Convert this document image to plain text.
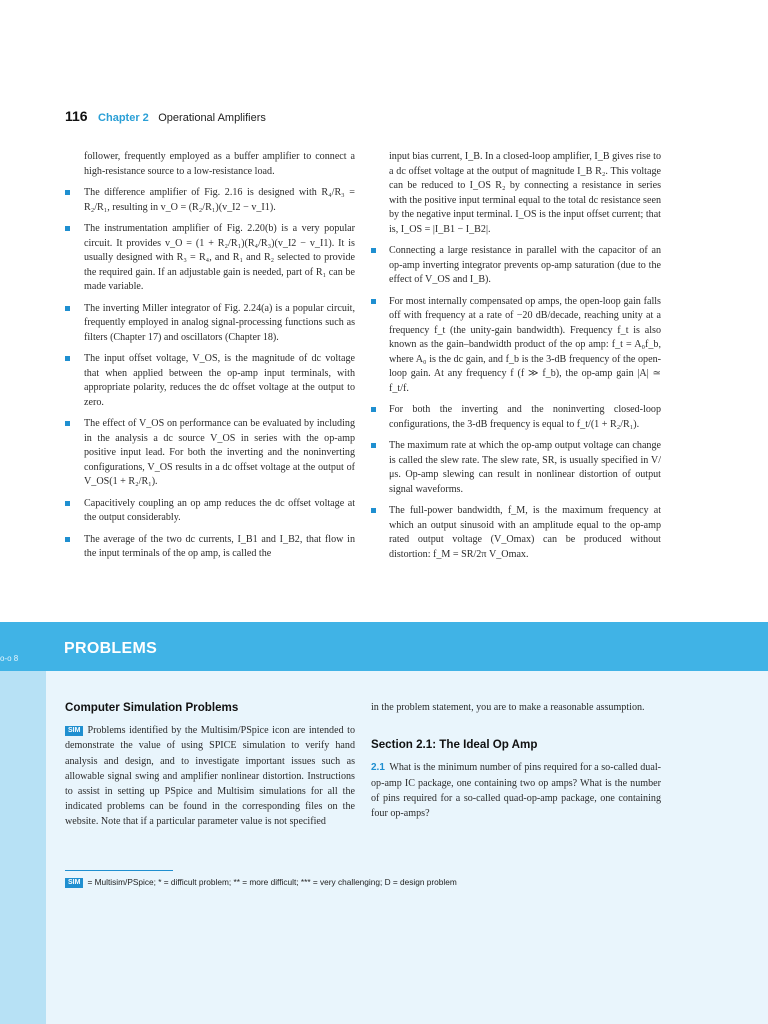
116 Chapter 2 Operational Amplifiers

follower, frequently employed as a buffer amplifier to connect a high-resistance source to a low-resistance load.

The difference amplifier of Fig. 2.16 is designed with R₄/R₃ = R₂/R₁, resulting in v_O = (R₂/R₁)(v_I2 − v_I1).
The instrumentation amplifier of Fig. 2.20(b) is a very popular circuit. It provides v_O = (1 + R₂/R₁)(R₄/R₃)(v_I2 − v_I1). It is usually designed with R₃ = R₄, and R₁ and R₂ selected to provide the required gain. If an adjustable gain is needed, part of R₁ can be made variable.
The inverting Miller integrator of Fig. 2.24(a) is a popular circuit, frequently employed in analog signal-processing functions such as filters (Chapter 17) and oscillators (Chapter 18).
The input offset voltage, V_OS, is the magnitude of dc voltage that when applied between the op-amp input terminals, with appropriate polarity, reduces the dc offset voltage at the output to zero.
The effect of V_OS on performance can be evaluated by including in the analysis a dc source V_OS in series with the op-amp positive input lead. For both the inverting and the noninverting configurations, V_OS results in a dc offset voltage at the output of V_OS(1 + R₂/R₁).
Capacitively coupling an op amp reduces the dc offset voltage at the output considerably.
The average of the two dc currents, I_B1 and I_B2, that flow in the input terminals of the op amp, is called the

input bias current, I_B. In a closed-loop amplifier, I_B gives rise to a dc offset voltage at the output of magnitude I_B R₂. This voltage can be reduced to I_OS R₂ by connecting a resistance in series with the positive input terminal equal to the total dc resistance seen by the negative input terminal. I_OS is the input offset current; that is, I_OS = |I_B1 − I_B2|.

Connecting a large resistance in parallel with the capacitor of an op-amp inverting integrator prevents op-amp saturation (due to the effect of V_OS and I_B).
For most internally compensated op amps, the open-loop gain falls off with frequency at a rate of −20 dB/decade, reaching unity at a frequency f_t (the unity-gain bandwidth). Frequency f_t is also known as the gain–bandwidth product of the op amp: f_t = A₀f_b, where A₀ is the dc gain, and f_b is the 3-dB frequency of the open-loop gain. At any frequency f (f ≫ f_b), the op-amp gain |A| ≃ f_t/f.
For both the inverting and the noninverting closed-loop configurations, the 3-dB frequency is equal to f_t/(1 + R₂/R₁).
The maximum rate at which the op-amp output voltage can change is called the slew rate. The slew rate, SR, is usually specified in V/μs. Op-amp slewing can result in nonlinear distortion of output signal waveforms.
The full-power bandwidth, f_M, is the maximum frequency at which an output sinusoid with an amplitude equal to the op-amp rated output voltage (V_Omax) can be produced without distortion: f_M = SR/2π V_Omax.
o-o 8
PROBLEMS
Computer Simulation Problems
SIM Problems identified by the Multisim/PSpice icon are intended to demonstrate the value of using SPICE simulation to verify hand analysis and design, and to investigate important issues such as allowable signal swing and amplifier nonlinear distortion. Instructions to assist in setting up PSpice and Multisim simulations for all the indicated problems can be found in the corresponding files on the website. Note that if a particular parameter value is not specified
in the problem statement, you are to make a reasonable assumption.
Section 2.1: The Ideal Op Amp
2.1 What is the minimum number of pins required for a so-called dual-op-amp IC package, one containing two op amps? What is the number of pins required for a so-called quad-op-amp package, one containing four op-amps?
SIM = Multisim/PSpice; * = difficult problem; ** = more difficult; *** = very challenging; D = design problem
